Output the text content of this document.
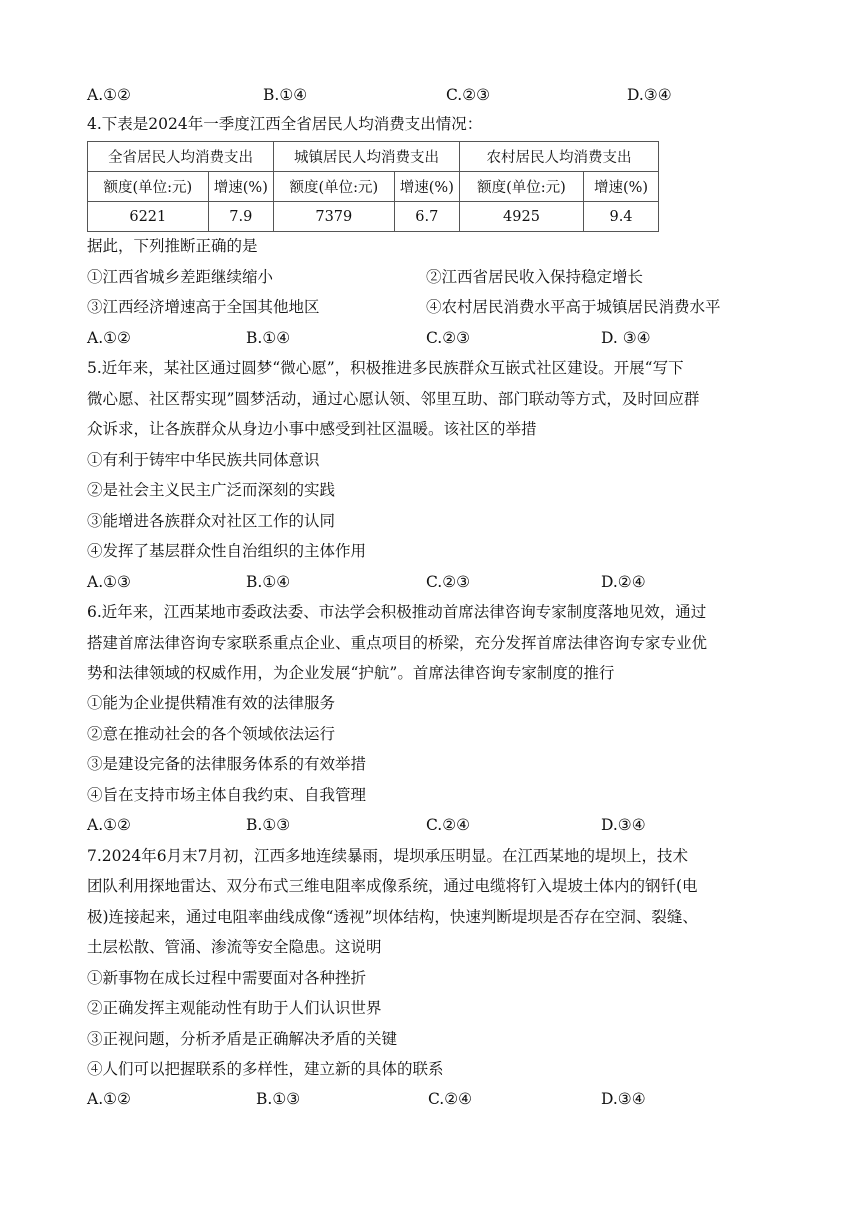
A.①②	B.①④	C.②③	D.③④
4.下表是2024年一季度江西全省居民人均消费支出情况：
全省居民人均消费支出		城镇居民人均消费支出		农村居民人均消费支出	
额度(单位:元)	增速(%)	额度(单位:元)	增速(%)	额度(单位:元)	增速(%)
6221	7.9	7379	6.7	4925	9.4
据此，下列推断正确的是
①江西省城乡差距继续缩小	②江西省居民收入保持稳定增长
③江西经济增速高于全国其他地区	④农村居民消费水平高于城镇居民消费水平
A.①②	B.①④	C.②③	D. ③④
5.近年来，某社区通过圆梦“微心愿”，积极推进多民族群众互嵌式社区建设。开展“写下
微心愿、社区帮实现”圆梦活动，通过心愿认领、邻里互助、部门联动等方式，及时回应群
众诉求，让各族群众从身边小事中感受到社区温暖。该社区的举措
①有利于铸牢中华民族共同体意识
②是社会主义民主广泛而深刻的实践
③能增进各族群众对社区工作的认同
④发挥了基层群众性自治组织的主体作用
A.①③	B.①④	C.②③	D.②④
6.近年来，江西某地市委政法委、市法学会积极推动首席法律咨询专家制度落地见效，通过
搭建首席法律咨询专家联系重点企业、重点项目的桥梁，充分发挥首席法律咨询专家专业优
势和法律领域的权威作用，为企业发展“护航”。首席法律咨询专家制度的推行
①能为企业提供精准有效的法律服务
②意在推动社会的各个领域依法运行
③是建设完备的法律服务体系的有效举措
④旨在支持市场主体自我约束、自我管理
A.①②	B.①③	C.②④	D.③④
7.2024年6月末7月初，江西多地连续暴雨，堤坝承压明显。在江西某地的堤坝上，技术
团队利用探地雷达、双分布式三维电阻率成像系统，通过电缆将钉入堤坡土体内的钢钎(电
极)连接起来，通过电阻率曲线成像“透视”坝体结构，快速判断堤坝是否存在空洞、裂缝、
土层松散、管涌、渗流等安全隐患。这说明
①新事物在成长过程中需要面对各种挫折
②正确发挥主观能动性有助于人们认识世界
③正视问题，分析矛盾是正确解决矛盾的关键
④人们可以把握联系的多样性，建立新的具体的联系
A.①②	B.①③	C.②④	D.③④
